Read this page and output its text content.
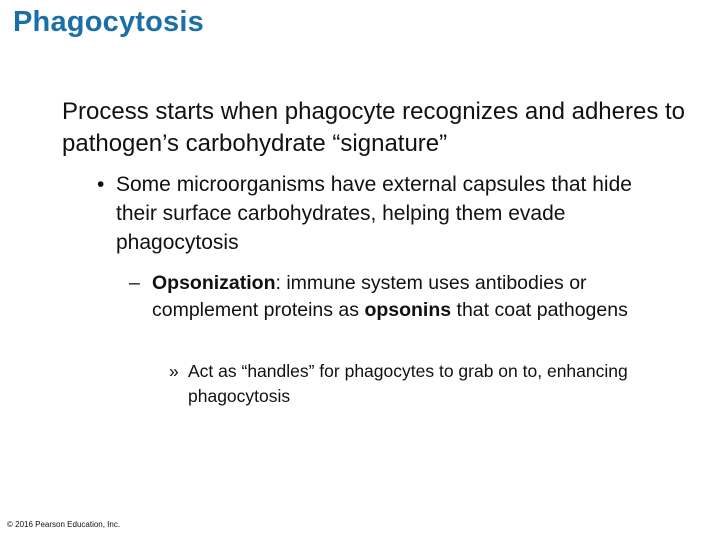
Phagocytosis
Process starts when phagocyte recognizes and adheres to pathogen’s carbohydrate “signature”
• Some microorganisms have external capsules that hide their surface carbohydrates, helping them evade phagocytosis
– Opsonization: immune system uses antibodies or complement proteins as opsonins that coat pathogens
» Act as “handles” for phagocytes to grab on to, enhancing phagocytosis
© 2016 Pearson Education, Inc.
